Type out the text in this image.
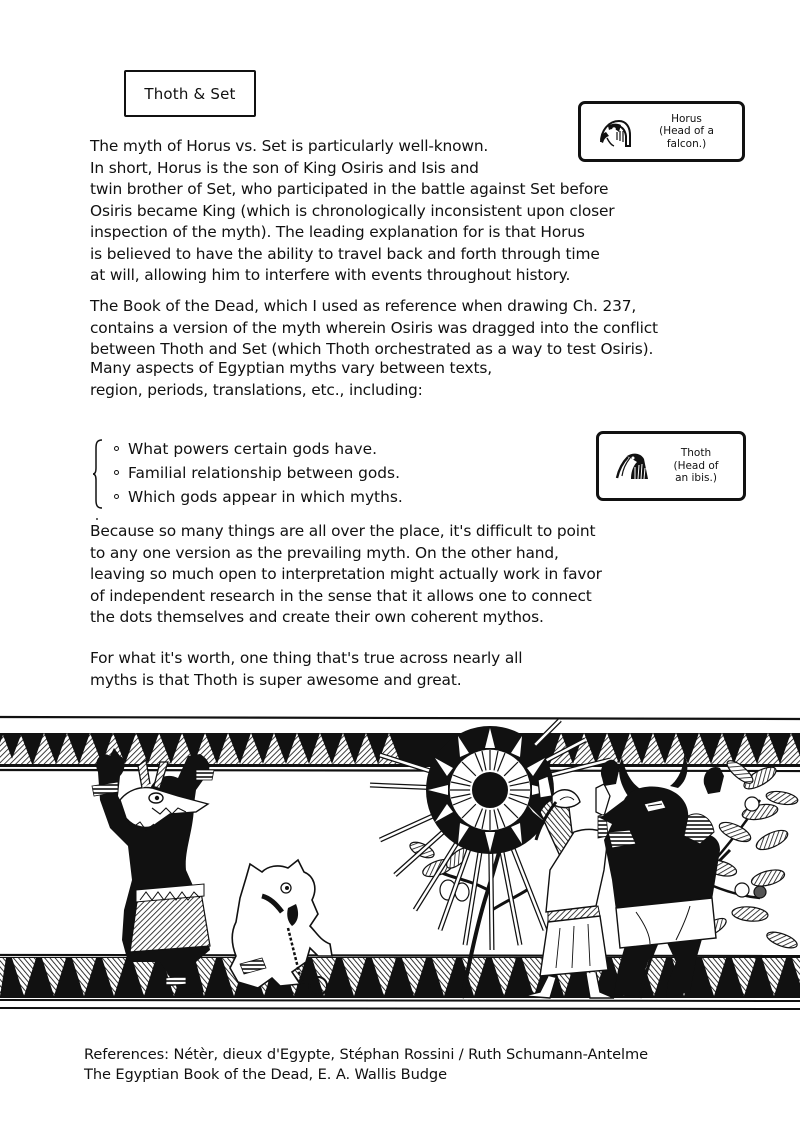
Thoth & Set
Horus
(Head of a
falcon.)
The myth of Horus vs. Set is particularly well-known.
In short, Horus is the son of King Osiris and Isis and
twin brother of Set, who participated in the battle against Set before
Osiris became King (which is chronologically inconsistent upon closer
inspection of the myth). The leading explanation for is that Horus
is believed to have the ability to travel back and forth through time
at will, allowing him to interfere with events throughout history.
The Book of the Dead, which I used as reference when drawing Ch. 237,
contains a version of the myth wherein Osiris was dragged into the conflict
between Thoth and Set (which Thoth orchestrated as a way to test Osiris).
Many aspects of Egyptian myths vary between texts,
region, periods, translations, etc., including:
What powers certain gods have.
Familial relationship between gods.
Which gods appear in which myths.
Thoth
(Head of
an ibis.)
Because so many things are all over the place, it's difficult to point
to any one version as the prevailing myth. On the other hand,
leaving so much open to interpretation might actually work in favor
of independent research in the sense that it allows one to connect
the dots themselves and create their own coherent mythos.
For what it's worth, one thing that's true across nearly all
myths is that Thoth is super awesome and great.
References: Nétèr, dieux d'Egypte, Stéphan Rossini / Ruth Schumann-Antelme
The Egyptian Book of the Dead, E. A. Wallis Budge
